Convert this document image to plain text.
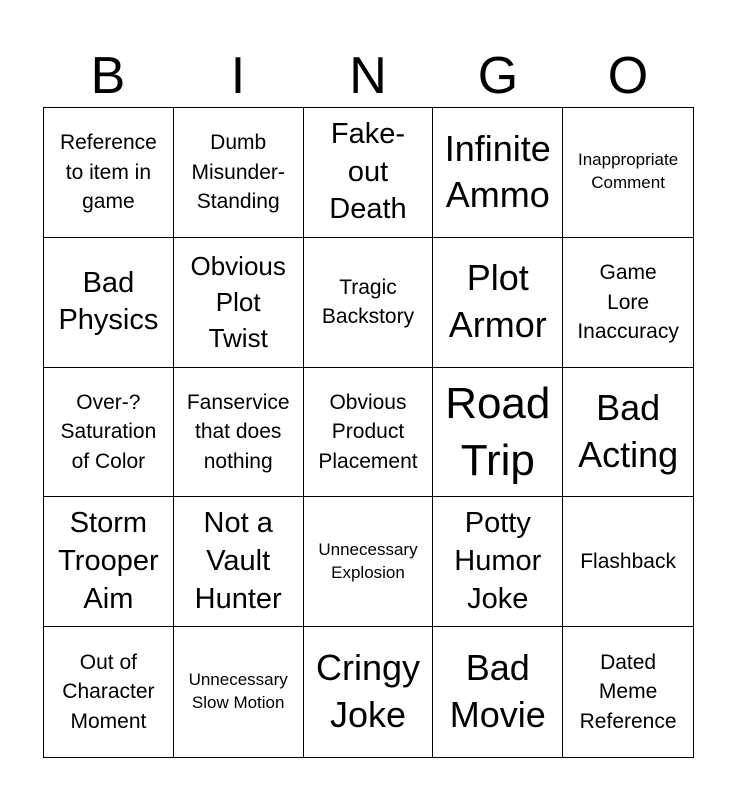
B	I	N	G	O
Reference
to item in
game
Dumb
Misunder-
Standing
Fake-
out
Death
Infinite
Ammo
Inappropriate
Comment
Bad
Physics
Obvious
Plot
Twist
Tragic
Backstory
Plot
Armor
Game
Lore
Inaccuracy
Over-?
Saturation
of Color
Fanservice
that does
nothing
Obvious
Product
Placement
Road
Trip
Bad
Acting
Storm
Trooper
Aim
Not a
Vault
Hunter
Unnecessary
Explosion
Potty
Humor
Joke
Flashback
Out of
Character
Moment
Unnecessary
Slow Motion
Cringy
Joke
Bad
Movie
Dated
Meme
Reference
